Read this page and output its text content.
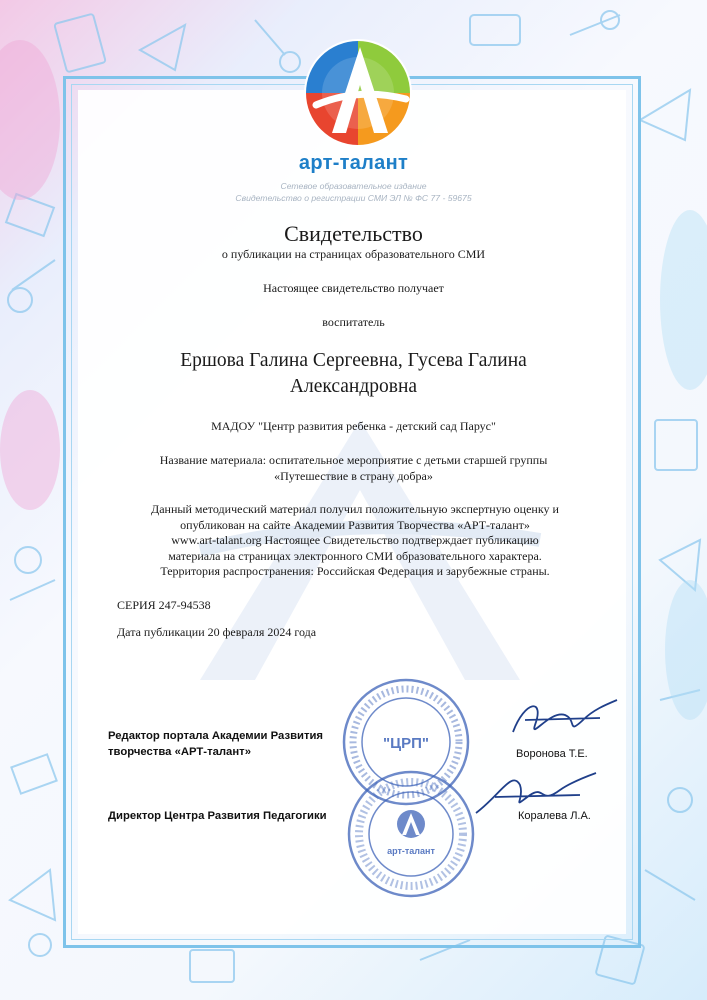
арт-талант
Сетевое образовательное издание
Свидетельство о регистрации СМИ ЭЛ № ФС 77 - 59675
Свидетельство
о публикации на страницах образовательного СМИ
Настоящее свидетельство получает
воспитатель
Ершова Галина Сергеевна, Гусева Галина
Александровна
МАДОУ "Центр развития ребенка - детский сад Парус"
Название материала: оспитательное мероприятие с детьми старшей группы
«Путешествие в страну добра»
Данный методический материал получил положительную экспертную оценку и
опубликован на сайте Академии Развития Творчества «АРТ-талант»
www.art-talant.org Настоящее Свидетельство подтверждает публикацию
материала на страницах электронного СМИ образовательного характера.
Территория распространения: Российская Федерация и зарубежные страны.
СЕРИЯ 247-94538
Дата публикации 20 февраля 2024 года
"ЦРП"
арт-талант
Редактор портала Академии Развития
творчества «АРТ-талант»	Воронова Т.Е.
Директор Центра Развития Педагогики	Коралева Л.А.
